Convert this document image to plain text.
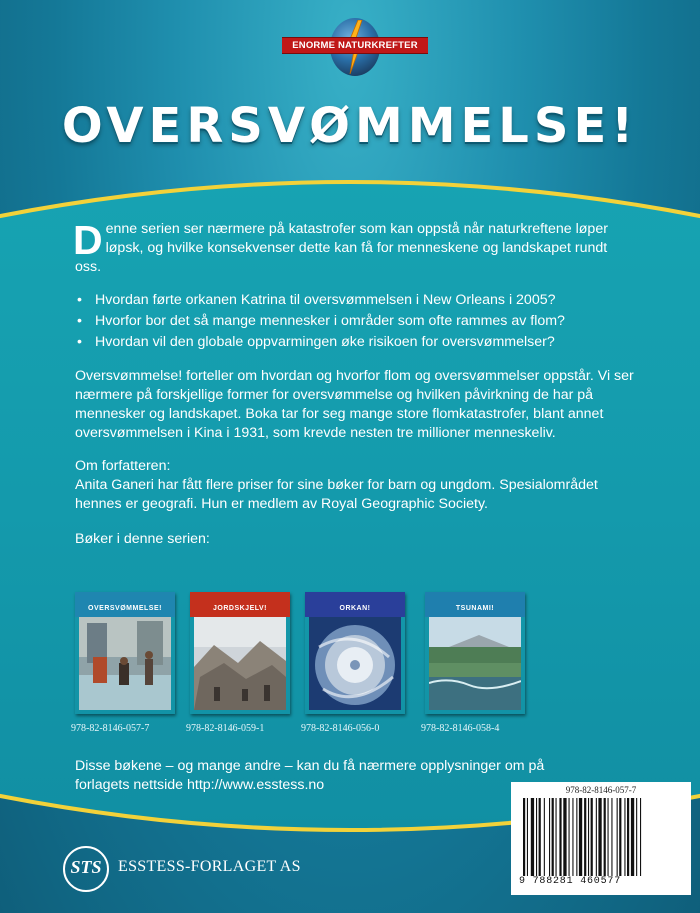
ENORME NATURKREFTER
OVERSVØMMELSE!

Denne serien ser nærmere på katastrofer som kan oppstå når naturkreftene løper løpsk, og hvilke konsekvenser dette kan få for menneskene og landskapet rundt oss.

• Hvordan førte orkanen Katrina til oversvømmelsen i New Orleans i 2005?
• Hvorfor bor det så mange mennesker i områder som ofte rammes av flom?
• Hvordan vil den globale oppvarmingen øke risikoen for oversvømmelser?

Oversvømmelse! forteller om hvordan og hvorfor flom og oversvømmelser oppstår. Vi ser nærmere på forskjellige former for oversvømmelse og hvilken påvirkning de har på mennesker og landskapet. Boka tar for seg mange store flomkatastrofer, blant annet oversvømmelsen i Kina i 1931, som krevde nesten tre millioner menneskeliv.

Om forfatteren:

Anita Ganeri har fått flere priser for sine bøker for barn og ungdom. Spesialområdet hennes er geografi. Hun er medlem av Royal Geographic Society.

Bøker i denne serien:

OVERSVØMMELSE!
978-82-8146-057-7
JORDSKJELV!
978-82-8146-059-1
ORKAN!
978-82-8146-056-0
TSUNAMI!
978-82-8146-058-4
Disse bøkene – og mange andre – kan du få nærmere opplysninger om på forlagets nettside http://www.esstess.no	978-82-8146-057-7
9 788281 460577
STS	ESSTESS-FORLAGET AS
